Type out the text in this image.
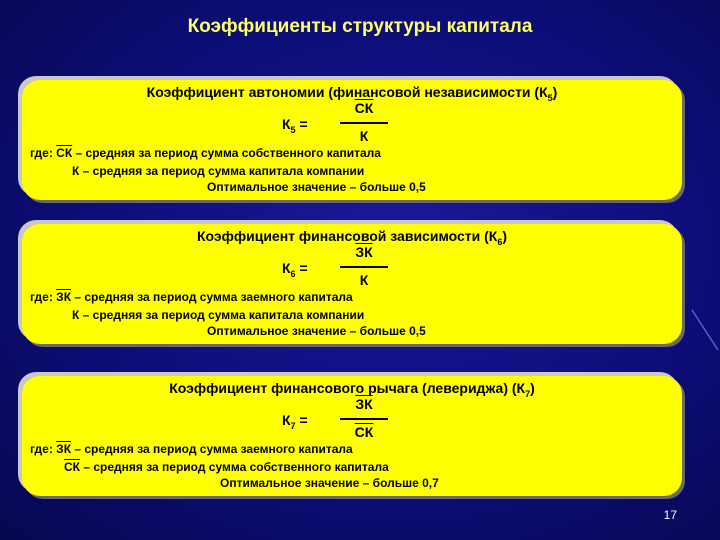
Коэффициенты структуры капитала
Коэффициент автономии (финансовой независимости $(К_5)$
$К_5$ =
СК
К
где: СК – средняя за период сумма собственного капитала
К – средняя за период сумма капитала компании
Оптимальное значение – больше 0,5
Коэффициент финансовой зависимости $(К_6)$
$К_6$ =
ЗК
К
где: ЗК – средняя за период сумма заемного капитала
К – средняя за период сумма капитала компании
Оптимальное значение – больше 0,5
Коэффициент финансового рычага (левериджа) $(К_7)$
$К_7$ =
ЗК
СК
где: ЗК – средняя за период сумма заемного капитала
СК – средняя за период сумма собственного капитала
Оптимальное значение – больше 0,7
17
